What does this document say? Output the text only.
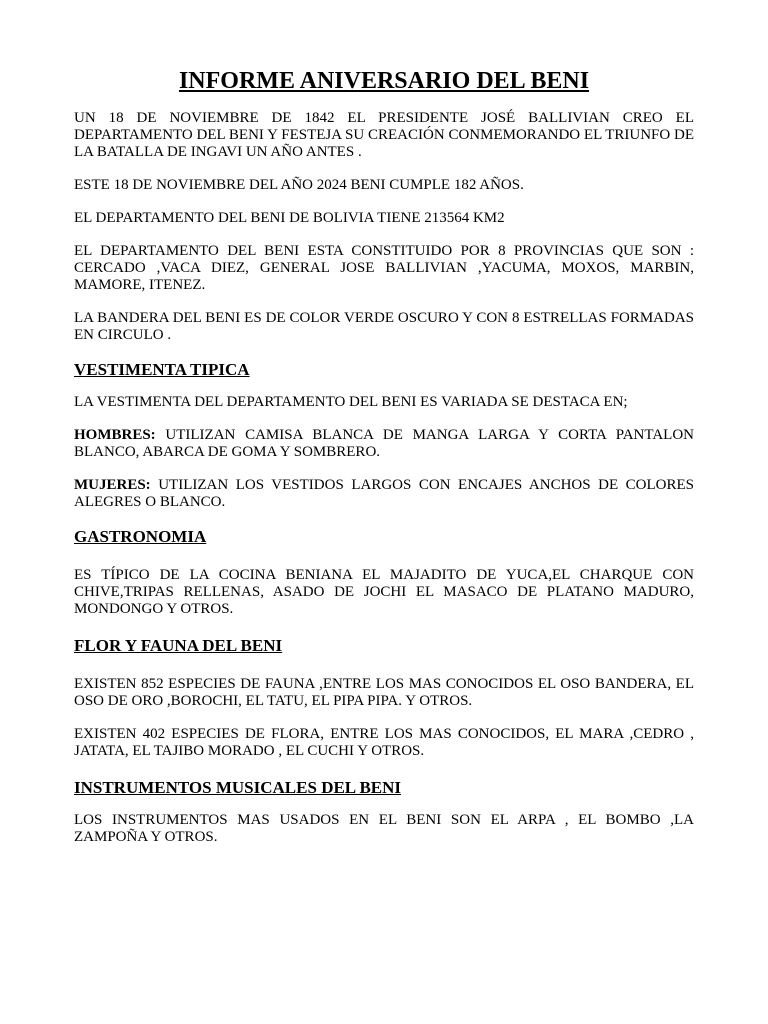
INFORME ANIVERSARIO DEL BENI

UN 18 DE NOVIEMBRE DE 1842 EL PRESIDENTE JOSÉ BALLIVIAN CREO EL DEPARTAMENTO DEL BENI Y FESTEJA SU CREACIÓN CONMEMORANDO EL TRIUNFO DE LA BATALLA DE INGAVI UN AÑO ANTES .

ESTE 18 DE NOVIEMBRE DEL AÑO 2024 BENI CUMPLE 182 AÑOS.

EL DEPARTAMENTO DEL BENI DE BOLIVIA TIENE 213564 KM2

EL DEPARTAMENTO DEL BENI ESTA CONSTITUIDO POR 8 PROVINCIAS QUE SON : CERCADO ,VACA DIEZ, GENERAL JOSE BALLIVIAN ,YACUMA, MOXOS, MARBIN, MAMORE, ITENEZ.

LA BANDERA DEL BENI ES DE COLOR VERDE OSCURO Y CON 8 ESTRELLAS FORMADAS EN CIRCULO .

VESTIMENTA TIPICA

LA VESTIMENTA DEL DEPARTAMENTO DEL BENI ES VARIADA SE DESTACA EN;

HOMBRES: UTILIZAN CAMISA BLANCA DE MANGA LARGA Y CORTA PANTALON BLANCO, ABARCA DE GOMA Y SOMBRERO.

MUJERES: UTILIZAN LOS VESTIDOS LARGOS CON ENCAJES ANCHOS DE COLORES ALEGRES O BLANCO.

GASTRONOMIA

ES TÍPICO DE LA COCINA BENIANA EL MAJADITO DE YUCA,EL CHARQUE CON CHIVE,TRIPAS RELLENAS, ASADO DE JOCHI EL MASACO DE PLATANO MADURO, MONDONGO Y OTROS.

FLOR Y FAUNA DEL BENI

EXISTEN 852 ESPECIES DE FAUNA ,ENTRE LOS MAS CONOCIDOS EL OSO BANDERA, EL OSO DE ORO ,BOROCHI, EL TATU, EL PIPA PIPA. Y OTROS.

EXISTEN 402 ESPECIES DE FLORA, ENTRE LOS MAS CONOCIDOS, EL MARA ,CEDRO , JATATA, EL TAJIBO MORADO , EL CUCHI Y OTROS.

INSTRUMENTOS MUSICALES DEL BENI

LOS INSTRUMENTOS MAS USADOS EN EL BENI SON EL ARPA , EL BOMBO ,LA ZAMPOÑA Y OTROS.
